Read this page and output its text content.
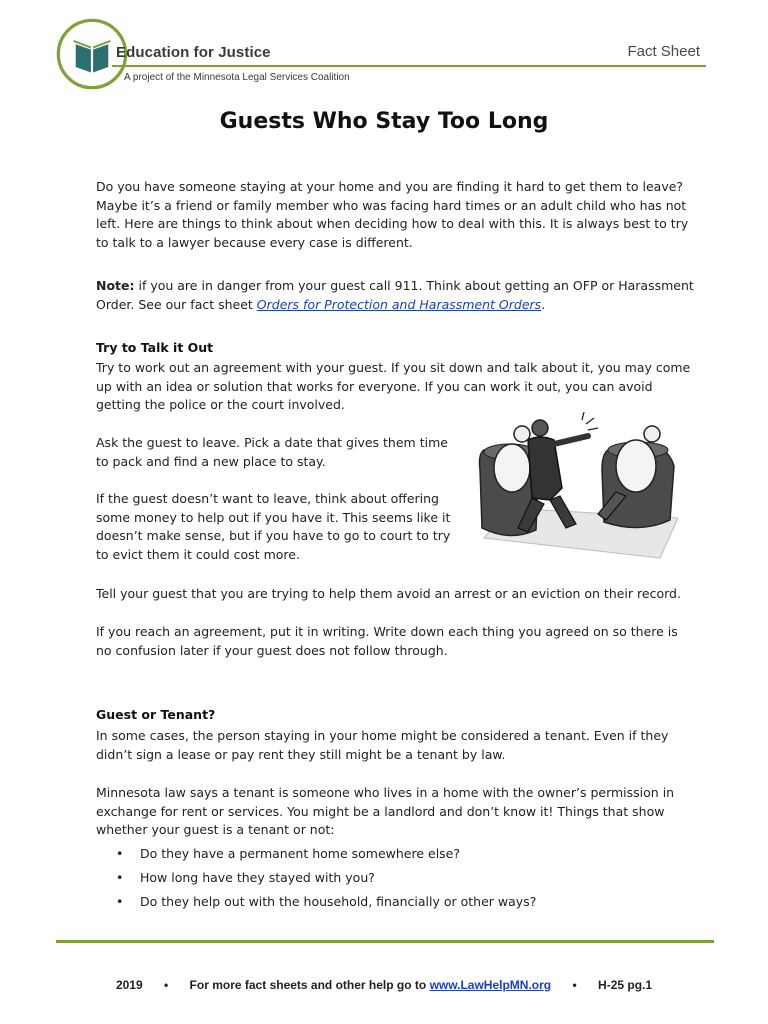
Education for Justice
A project of the Minnesota Legal Services Coalition
Fact Sheet
Guests Who Stay Too Long

Do you have someone staying at your home and you are finding it hard to get them to leave? Maybe it’s a friend or family member who was facing hard times or an adult child who has not left. Here are things to think about when deciding how to deal with this. It is always best to try to talk to a lawyer because every case is different.

Note: if you are in danger from your guest call 911. Think about getting an OFP or Harassment Order. See our fact sheet Orders for Protection and Harassment Orders.

Try to Talk it Out

Try to work out an agreement with your guest. If you sit down and talk about it, you may come up with an idea or solution that works for everyone. If you can work it out, you can avoid getting the police or the court involved.

Ask the guest to leave. Pick a date that gives them time to pack and find a new place to stay.

If the guest doesn’t want to leave, think about offering some money to help out if you have it. This seems like it doesn’t make sense, but if you have to go to court to try to evict them it could cost more.

Tell your guest that you are trying to help them avoid an arrest or an eviction on their record.

If you reach an agreement, put it in writing. Write down each thing you agreed on so there is no confusion later if your guest does not follow through.

Guest or Tenant?

In some cases, the person staying in your home might be considered a tenant. Even if they didn’t sign a lease or pay rent they still might be a tenant by law.

Minnesota law says a tenant is someone who lives in a home with the owner’s permission in exchange for rent or services. You might be a landlord and don’t know it! Things that show whether your guest is a tenant or not:

• Do they have a permanent home somewhere else?
• How long have they stayed with you?
• Do they help out with the household, financially or other ways?
2019 • For more fact sheets and other help go to www.LawHelpMN.org • H-25 pg.1
